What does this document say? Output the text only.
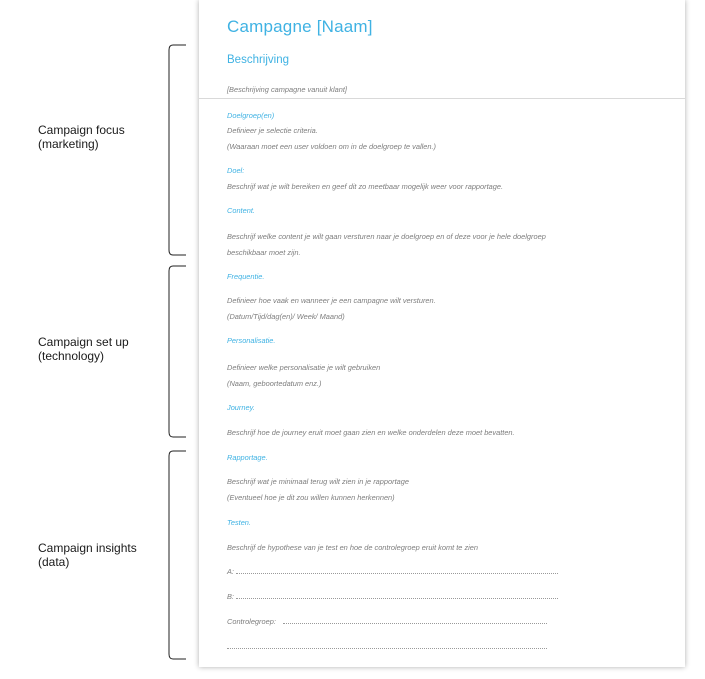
Campaign focus
(marketing)
Campaign set up
(technology)
Campaign insights
(data)
Campagne [Naam]
Beschrijving
[Beschrijving campagne vanuit klant]
Doelgroep(en)
Definieer je selectie criteria.
(Waaraan moet een user voldoen om in de doelgroep te vallen.)
Doel:
Beschrijf wat je wilt bereiken en geef dit zo meetbaar mogelijk weer voor rapportage.
Content.
Beschrijf welke content je wilt gaan versturen naar je doelgroep en of deze voor je hele doelgroep
beschikbaar moet zijn.
Frequentie.
Definieer hoe vaak en wanneer je een campagne wilt versturen.
(Datum/Tijd/dag(en)/ Week/ Maand)
Personalisatie.
Definieer welke personalisatie je wilt gebruiken
(Naam, geboortedatum enz.)
Journey.
Beschrijf hoe de journey eruit moet gaan zien en welke onderdelen deze moet bevatten.
Rapportage.
Beschrijf wat je minimaal terug wilt zien in je rapportage
(Eventueel hoe je dit zou willen kunnen herkennen)
Testen.
Beschrijf de hypothese van je test en hoe de controlegroep eruit komt te zien
A:
B:
Controlegroep:
